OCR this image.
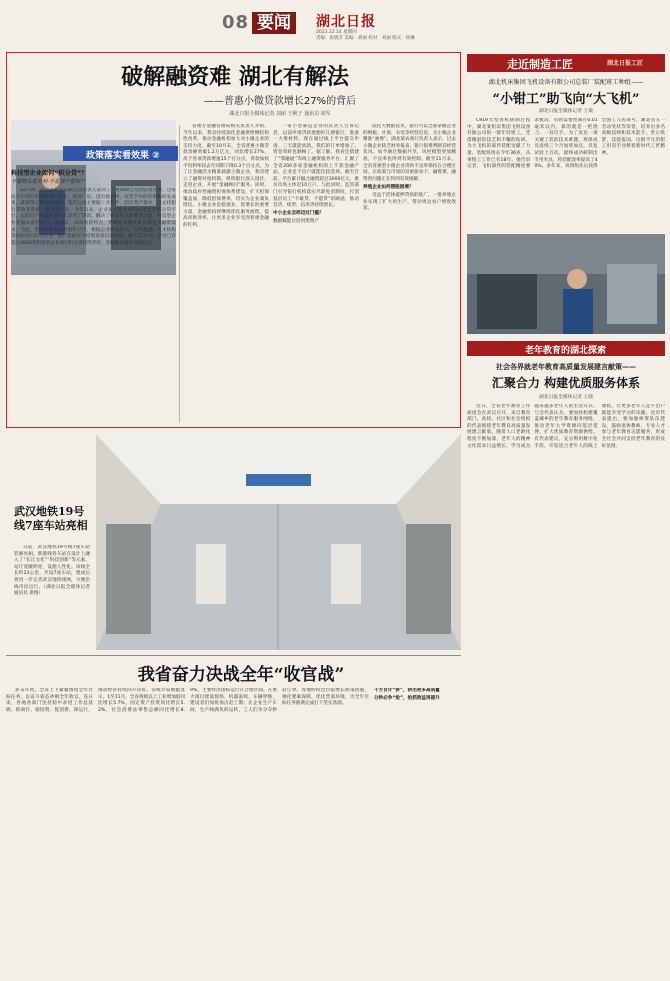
08 要闻	湖北日报
2023.12.14 星期四
责编：张晓芳 美编：胡丽 校对：刘丽 版式：杨琳
破解融资难 湖北有解法
——普惠小微贷款增长27%的背后
湖北日报全媒体记者 刘丽 王桃子 通讯员 胡军
政策落实看效果 ②
科技型企业如何“积分贷”？
不看砖头看专利 不看资产看知产

12月初，武汉某科技有限公司负责人拿到了一笔600万元的信用贷款。这家成立不到五年的轻资产企业，没有厂房、没有抵押物，仅凭手中的专利和研发成果，就获得了银行的信任。我们公司主要做工业软件，固定资产很少，过去找银行贷款非常难。该负责人说，今年以来，企业通过湖北省科技型企业积分贷平台，以知识产权质押的方式拿到了贷款，解决了研发投入的燃眉之急。科技型企业普遍具有轻资产、高成长、高风险的特点，传统信贷模式难以满足其融资需求。为此，我省创新推出科创积分贷，根据企业研发投入、专利数量、人才结构等指标进行综合评分，银行依据评分结果发放信用贷款。截至11月末，全省已有超过4000家科技型企业通过积分贷获得贷款，金额累计超过300亿元。

省地方金融管理局相关负责人介绍，今年以来，我省持续深化金融供给侧结构性改革，推动金融机构加大对小微企业的支持力度。截至10月末，全省普惠小微贷款余额突破1.2万亿元，同比增长27%，高于各项贷款增速15个百分点，贷款加权平均利率较去年同期下降0.3个百分点。为了让金融活水精准滴灌小微企业，我省建立了融资对接机制，组织银行深入园区、走进企业，开展“金融顾问”服务。同时，推动政府性融资担保体系建设，扩大担保覆盖面，降低担保费率，切实为企业减负增信。小微企业是稳就业、促增长的重要力量，金融机构将继续优化服务流程，提高审批效率，让更多企业享受到普惠金融的红利。

一家小型制造企业的负责人告诉记者，以前申请贷款要跑好几趟银行，准备一大堆材料，现在通过线上平台提交申请，三天就能放款。我们的订单增加了，资金周转也顺畅了。据了解，我省还搭建了“鄂融通”等线上融资服务平台，汇聚了全省200多家金融机构的上千款金融产品，企业足不出户就能比较选择。截至目前，平台累计撮合融资超过3000亿元，惠及市场主体近10万户。与此同时，监管部门引导银行机构落实尽职免责制度，打消基层员工“不敢贷、不愿贷”的顾虑，推动首贷、续贷、信用贷持续增长。

中小企业怎样迈过门槛？

数据赋能让信用变资产

依托大数据技术，银行可以全面掌握企业的纳税、社保、水电等经营信息，为小微企业精准“画像”。湖北某农商行负责人表示，过去小微企业缺乏财务报表，银行很难判断其经营状况。如今通过数据共享，风控模型更加精准，不良率也得到有效控制。截至11月末，全省普惠型小微企业贷款不良率保持在合理区间。在政策与市场的双重驱动下，融资难、融资贵问题正在得到有效缓解。

养殖企业如何摆脱困境？

受益于活体抵押贷款的推广，一批养殖企业实现了扩大再生产，带动周边农户增收致富。

走近制造工匠	湖北日报工匠
湖北机床集团飞机设备有限公司总装厂装配班工种组——
“小钳工”助飞向“大飞机”
湖北日报全媒体记者 王敏

C919大型客机研制过程中，湖北某机床集团飞机设备有限公司的一群年轻钳工，凭借精湛的技艺和不懈的钻研，为大飞机的部件装配贡献了力量。装配班组长今年36岁，从事钳工工作已有18年。他告诉记者，飞机部件的装配精度要求极高，有时需要控制在0.01毫米以内，靠的就是一把锉刀、一双巧手。为了攻克一项关键工装的技术难题，班组成员连续三个月加班加点，反复试验上百次，最终成功研制出专用夹具，将装配效率提高了40%。多年来，该班组先后获得全国工人先锋号、湖北省五一劳动奖状等荣誉，培养出多名高级技师和技术能手。匠心筑梦，技能报国，这群平凡的钳工用双手诠释着新时代工匠精神。

老年教育的湖北探索
社会各界就老年教育高质量发展建言献策——
汇聚合力 构建优质服务体系
湖北日报全媒体记者 王晓

近日，全省老年教育工作座谈会在武汉召开，来自教育部门、高校、社区和社会组织的代表围绕老年教育高质量发展建言献策。随着人口老龄化程度不断加深，老年人的精神文化需求日益增长，学习成为越来越多老年人的生活方式。与会代表认为，要加快构建覆盖城乡的老年教育服务网络，推动老年大学资源向基层延伸，扩大优质教育资源供给。有代表建议，充分利用数字化手段，开发适合老年人的线上课程，让更多老年人足不出户就能享受学习的乐趣。也有代表提出，要加强师资队伍建设，鼓励退休教师、专业人才参与老年教育志愿服务，形成全社会共同支持老年教育的良好氛围。

武汉地铁19号线7座车站亮相

日前，武汉地铁19号线7座车站装修亮相。新港线各车站在设计上融入了“长江文化”“科技创新”等元素，站厅宽敞明亮，设施人性化。该线全长约23公里，共设7座车站，建成后将进一步完善武汉地铁线网，方便沿线市民出行。（湖北日报全媒体记者 通讯员 供图）

我省奋力决战全年“收官战”

岁末年初，全省上下紧紧围绕全年目标任务，以奋斗姿态冲刺全年收官。连日来，各地各部门坚持稳中求进工作总基调，抓项目、稳投资、促消费、保运行，推动经济持续回升向好。省统计局数据显示，1至11月，全省规模以上工业增加值同比增长5.7%，固定资产投资同比增长5.2%，社会消费品零售总额同比增长8.9%，主要经济指标运行在合理区间。在重大项目建设现场，机器轰鸣、车辆穿梭，建设者们加班加点赶工期；在企业生产车间，生产线满负荷运转，工人们争分夺秒赶订单。各地纷纷出台稳增长政策措施，强化要素保障，优化营商环境，为全年目标任务圆满完成打下坚实基础。

千方百计“拼”，拼出更多高质量

分秒必争“抢”，抢抓效益再提升
